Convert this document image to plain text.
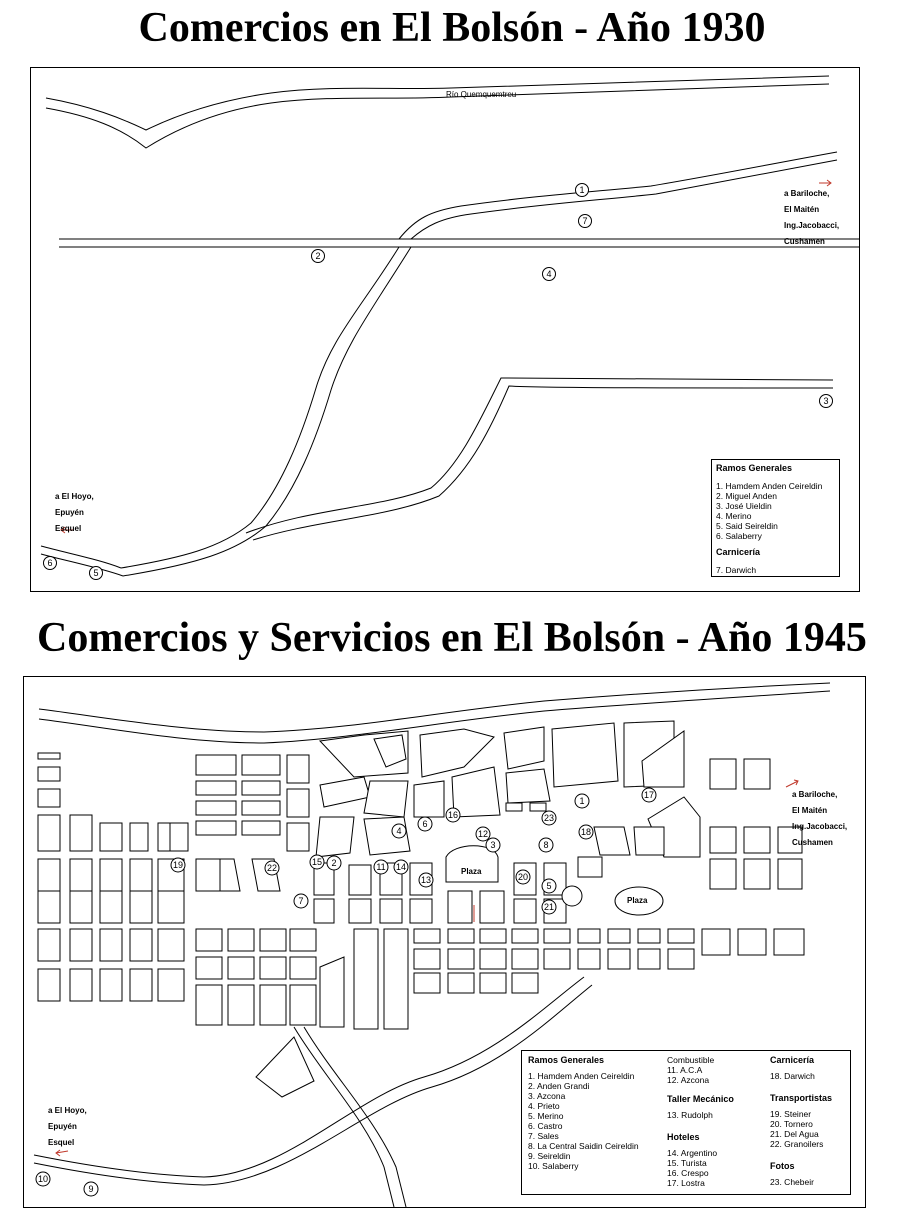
Comercios en El Bolsón - Año 1930
1
7
2
4
3
6
5
Río Quemquemtreu
a Bariloche,
El Maitén
Ing.Jacobacci,
Cushamen
a El Hoyo,
Epuyén
Esquel
Ramos Generales
1. Hamdem Anden Ceireldin
2. Miguel Anden
3. José Uieldin
4. Merino
5. Said Seireldin
6. Salaberry
Carnicería
7. Darwich
Comercios y Servicios en El Bolsón - Año 1945
1
17
4
6
16	23
12	18
3	8
15 2	11 14
19	22
13	20
5
7
21
10
9
Plaza
Plaza
a Bariloche,
El Maitén
Ing.Jacobacci,
Cushamen
a El Hoyo,
Epuyén
Esquel
Ramos Generales
1. Hamdem Anden Ceireldin
2. Anden Grandi
3. Azcona
4. Prieto
5. Merino
6. Castro
7. Sales
8. La Central Saidin Ceireldin
9. Seireldin
10. Salaberry
Combustible
11. A.C.A
12. Azcona
Taller Mecánico
13. Rudolph
Hoteles
14. Argentino
15. Turista
16. Crespo
17. Lostra
Carnicería
18. Darwich
Transportistas
19. Steiner
20. Tornero
21. Del Agua
22. Granoilers
Fotos
23. Chebeir
